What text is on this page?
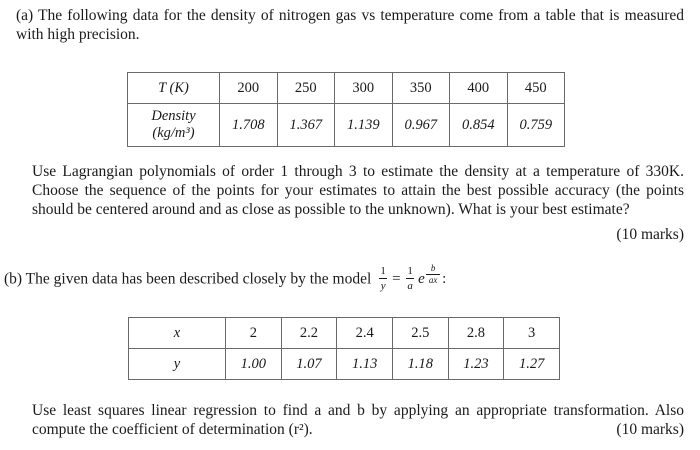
(a) The following data for the density of nitrogen gas vs temperature come from a table that is measured with high precision.
T (K)	200	250	300	350	400	450

Density
(kg/m³)	1.708	1.367	1.139	0.967	0.854	0.759
Use Lagrangian polynomials of order 1 through 3 to estimate the density at a temperature of 330K. Choose the sequence of the points for your estimates to attain the best possible accuracy (the points should be centered around and as close as possible to the unknown). What is your best estimate?
(10 marks)
(b) The given data has been described closely by the model 1
y = 1
a e
b
ax :
x	2	2.2	2.4	2.5	2.8	3
y	1.00	1.07	1.13	1.18	1.23	1.27
Use least squares linear regression to find a and b by applying an appropriate transformation. Also compute the coefficient of determination (r²).	(10 marks)
